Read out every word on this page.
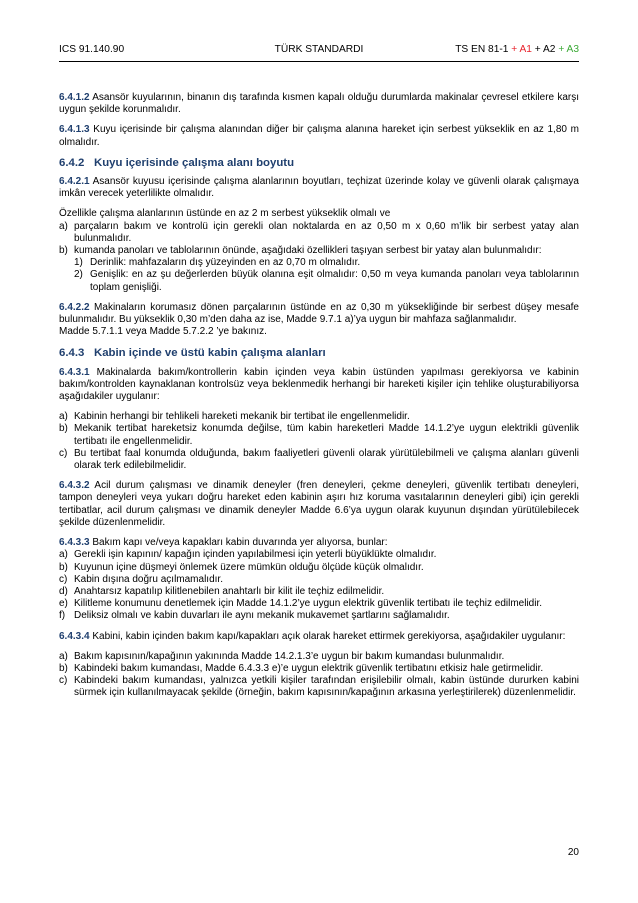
ICS 91.140.90	TÜRK STANDARDI	TS EN 81-1 + A1 + A2 + A3

6.4.1.2 Asansör kuyularının, binanın dış tarafında kısmen kapalı olduğu durumlarda makinalar çevresel etkilere karşı uygun şekilde korunmalıdır.

6.4.1.3 Kuyu içerisinde bir çalışma alanından diğer bir çalışma alanına hareket için serbest yükseklik en az 1,80 m olmalıdır.

6.4.2 Kuyu içerisinde çalışma alanı boyutu

6.4.2.1 Asansör kuyusu içerisinde çalışma alanlarının boyutları, teçhizat üzerinde kolay ve güvenli olarak çalışmaya imkân verecek yeterlilikte olmalıdır.

Özellikle çalışma alanlarının üstünde en az 2 m serbest yükseklik olmalı ve
a) parçaların bakım ve kontrolü için gerekli olan noktalarda en az 0,50 m x 0,60 m’lik bir serbest yatay alan bulunmalıdır.
b) kumanda panoları ve tablolarının önünde, aşağıdaki özellikleri taşıyan serbest bir yatay alan bulunmalıdır:
1) Derinlik: mahfazaların dış yüzeyinden en az 0,70 m olmalıdır.
2) Genişlik: en az şu değerlerden büyük olanına eşit olmalıdır: 0,50 m veya kumanda panoları veya tablolarının toplam genişliği.

6.4.2.2 Makinaların korumasız dönen parçalarının üstünde en az 0,30 m yüksekliğinde bir serbest düşey mesafe bulunmalıdır. Bu yükseklik 0,30 m’den daha az ise, Madde 9.7.1 a)’ya uygun bir mahfaza sağlanmalıdır.

Madde 5.7.1.1 veya Madde 5.7.2.2 ’ye bakınız.
6.4.3 Kabin içinde ve üstü kabin çalışma alanları

6.4.3.1 Makinalarda bakım/kontrollerin kabin içinden veya kabin üstünden yapılması gerekiyorsa ve kabinin bakım/kontrolden kaynaklanan kontrolsüz veya beklenmedik herhangi bir hareketi kişiler için tehlike oluşturabiliyorsa aşağıdakiler uygulanır:

a) Kabinin herhangi bir tehlikeli hareketi mekanik bir tertibat ile engellenmelidir.
b) Mekanik tertibat hareketsiz konumda değilse, tüm kabin hareketleri Madde 14.1.2’ye uygun elektrikli güvenlik tertibatı ile engellenmelidir.
c) Bu tertibat faal konumda olduğunda, bakım faaliyetleri güvenli olarak yürütülebilmeli ve çalışma alanları güvenli olarak terk edilebilmelidir.

6.4.3.2 Acil durum çalışması ve dinamik deneyler (fren deneyleri, çekme deneyleri, güvenlik tertibatı deneyleri, tampon deneyleri veya yukarı doğru hareket eden kabinin aşırı hız koruma vasıtalarının deneyleri gibi) için gerekli tertibatlar, acil durum çalışması ve dinamik deneyler Madde 6.6’ya uygun olarak kuyunun dışından yürütülebilecek şekilde düzenlenmelidir.

6.4.3.3 Bakım kapı ve/veya kapakları kabin duvarında yer alıyorsa, bunlar:

a) Gerekli işin kapının/ kapağın içinden yapılabilmesi için yeterli büyüklükte olmalıdır.
b) Kuyunun içine düşmeyi önlemek üzere mümkün olduğu ölçüde küçük olmalıdır.
c) Kabin dışına doğru açılmamalıdır.
d) Anahtarsız kapatılıp kilitlenebilen anahtarlı bir kilit ile teçhiz edilmelidir.
e) Kilitleme konumunu denetlemek için Madde 14.1.2’ye uygun elektrik güvenlik tertibatı ile teçhiz edilmelidir.
f) Deliksiz olmalı ve kabin duvarları ile aynı mekanik mukavemet şartlarını sağlamalıdır.

6.4.3.4 Kabini, kabin içinden bakım kapı/kapakları açık olarak hareket ettirmek gerekiyorsa, aşağıdakiler uygulanır:

a) Bakım kapısının/kapağının yakınında Madde 14.2.1.3’e uygun bir bakım kumandası bulunmalıdır.
b) Kabindeki bakım kumandası, Madde 6.4.3.3 e)’e uygun elektrik güvenlik tertibatını etkisiz hale getirmelidir.
c) Kabindeki bakım kumandası, yalnızca yetkili kişiler tarafından erişilebilir olmalı, kabin üstünde dururken kabini sürmek için kullanılmayacak şekilde (örneğin, bakım kapısının/kapağının arkasına yerleştirilerek) düzenlenmelidir.
20
